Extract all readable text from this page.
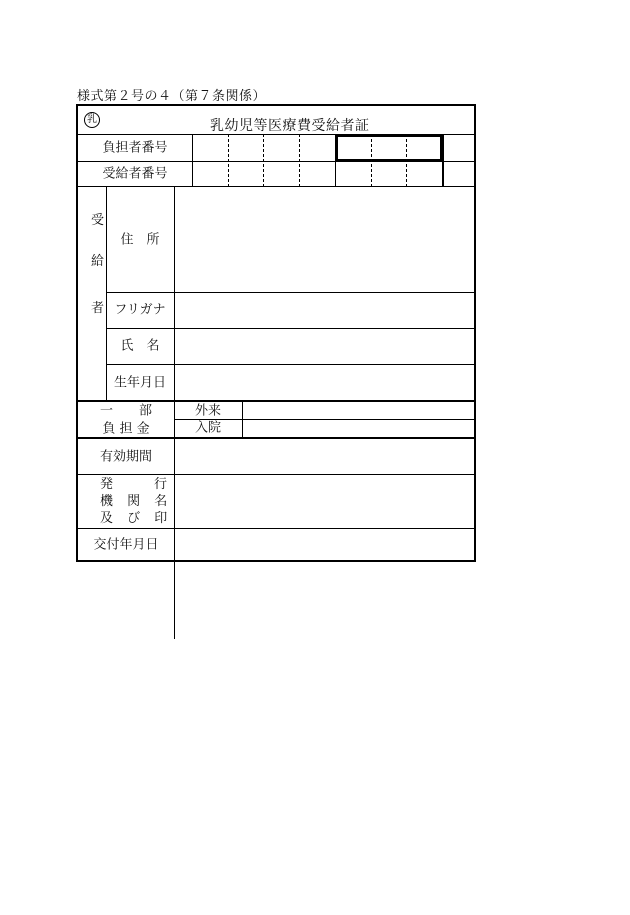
様式第２号の４（第７条関係）
乳	乳幼児等医療費受給者証
負担者番号
受給者番号
受
給
者
住　所
フリガナ
氏　名
生年月日
一　　部
負 担 金
外来
入院
有効期間
発　　行
機 関 名
及 び 印
交付年月日
